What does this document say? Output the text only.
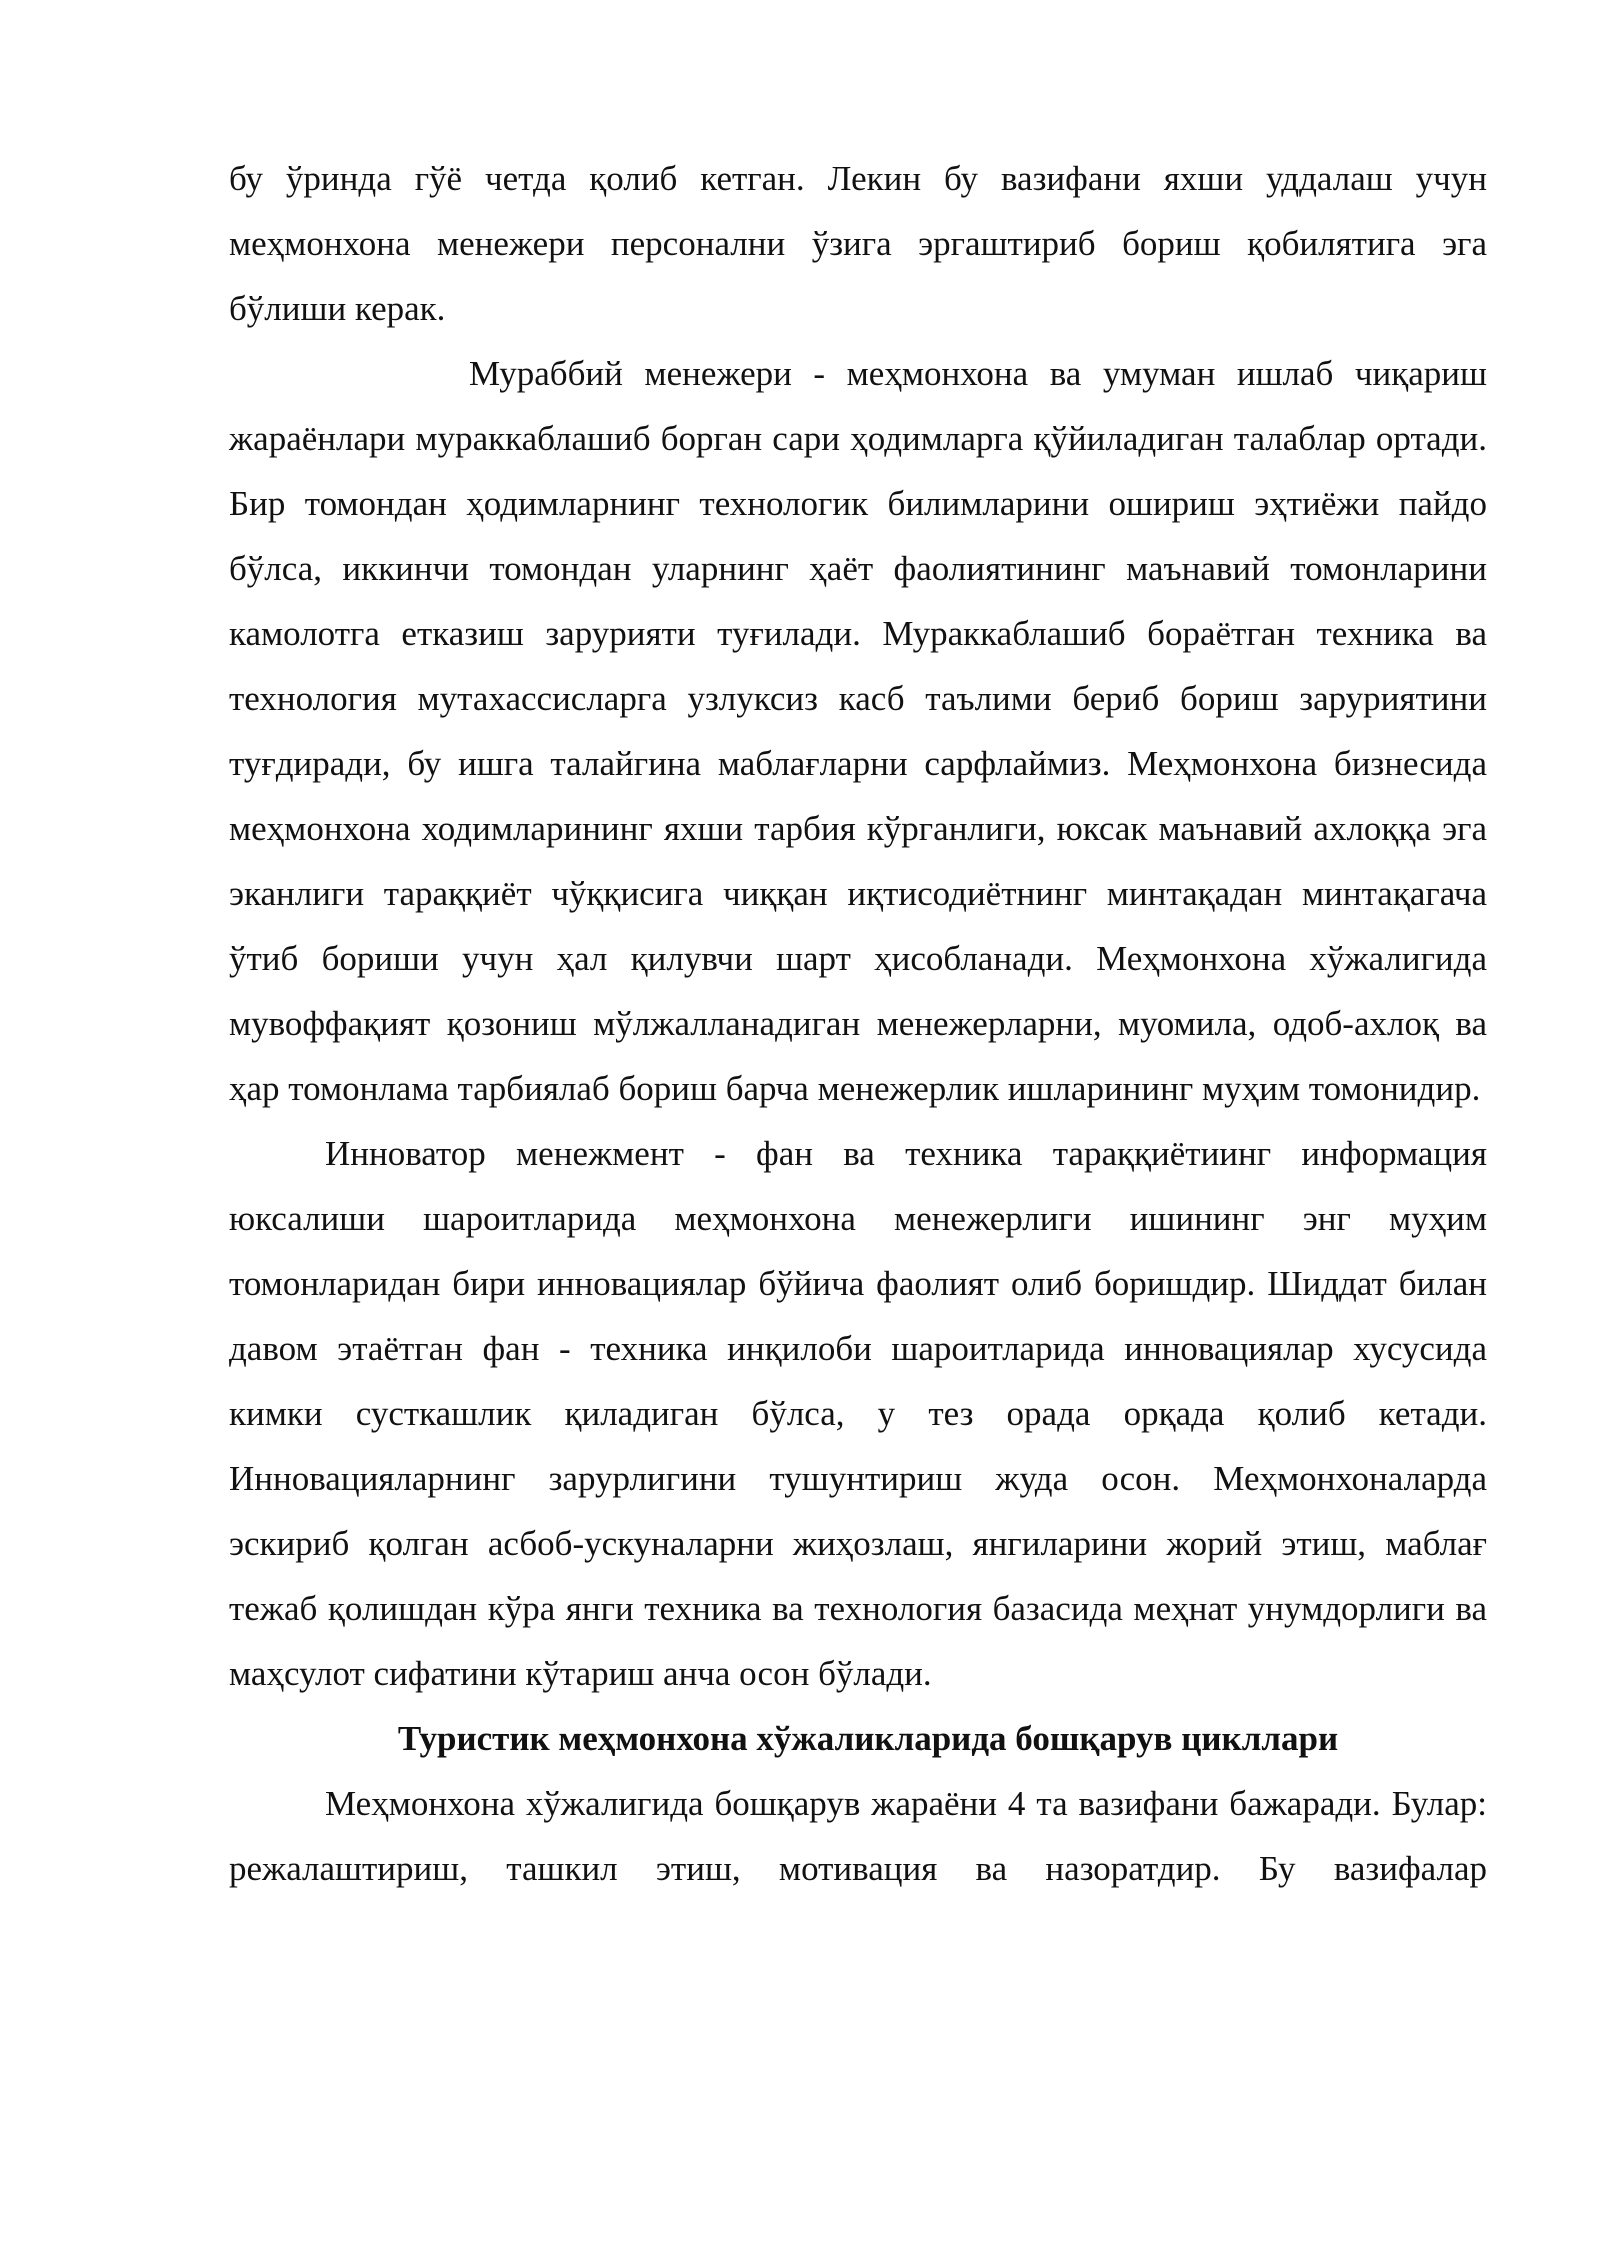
бу ўринда гўё четда қолиб кетган. Лекин бу вазифани яхши уддалаш учун меҳмонхона менежери персонални ўзига эргаштириб бориш қобилятига эга бўлиши керак.

Мураббий менежери - меҳмонхона ва умуман ишлаб чиқариш жараёнлари мураккаблашиб борган сари ҳодимларга қўйиладиган талаблар ортади. Бир томондан ҳодимларнинг технологик билимларини ошириш эҳтиёжи пайдо бўлса, иккинчи томондан уларнинг ҳаёт фаолиятининг маънавий томонларини камолотга етказиш зарурияти туғилади. Мураккаблашиб бораётган техника ва технология мутахассисларга узлуксиз касб таълими бериб бориш заруриятини туғдиради, бу ишга талайгина маблағларни сарфлаймиз. Меҳмонхона бизнесида меҳмонхона ходимларининг яхши тарбия кўрганлиги, юксак маънавий ахлоққа эга эканлиги тараққиёт чўққисига чиққан иқтисодиётнинг минтақадан минтақагача ўтиб бориши учун ҳал қилувчи шарт ҳисобланади. Меҳмонхона хўжалигида мувоффақият қозониш мўлжалланадиган менежерларни, муомила, одоб-ахлоқ ва ҳар томонлама тарбиялаб бориш барча менежерлик ишларининг муҳим томонидир.

Инноватор менежмент - фан ва техника тараққиётиинг информация юксалиши шароитларида меҳмонхона менежерлиги ишининг энг муҳим томонларидан бири инновациялар бўйича фаолият олиб боришдир. Шиддат билан давом этаётган фан - техника инқилоби шароитларида инновациялар хусусида кимки сусткашлик қиладиган бўлса, у тез орада орқада қолиб кетади. Инновацияларнинг зарурлигини тушунтириш жуда осон. Меҳмонхоналарда эскириб қолган асбоб-ускуналарни жиҳозлаш, янгиларини жорий этиш, маблағ тежаб қолишдан кўра янги техника ва технология базасида меҳнат унумдорлиги ва маҳсулот сифатини кўтариш анча осон бўлади.

Туристик меҳмонхона хўжаликларида бошқарув цикллари

Меҳмонхона хўжалигида бошқарув жараёни 4 та вазифани бажаради. Булар: режалаштириш, ташкил этиш, мотивация ва назоратдир. Бу вазифалар
